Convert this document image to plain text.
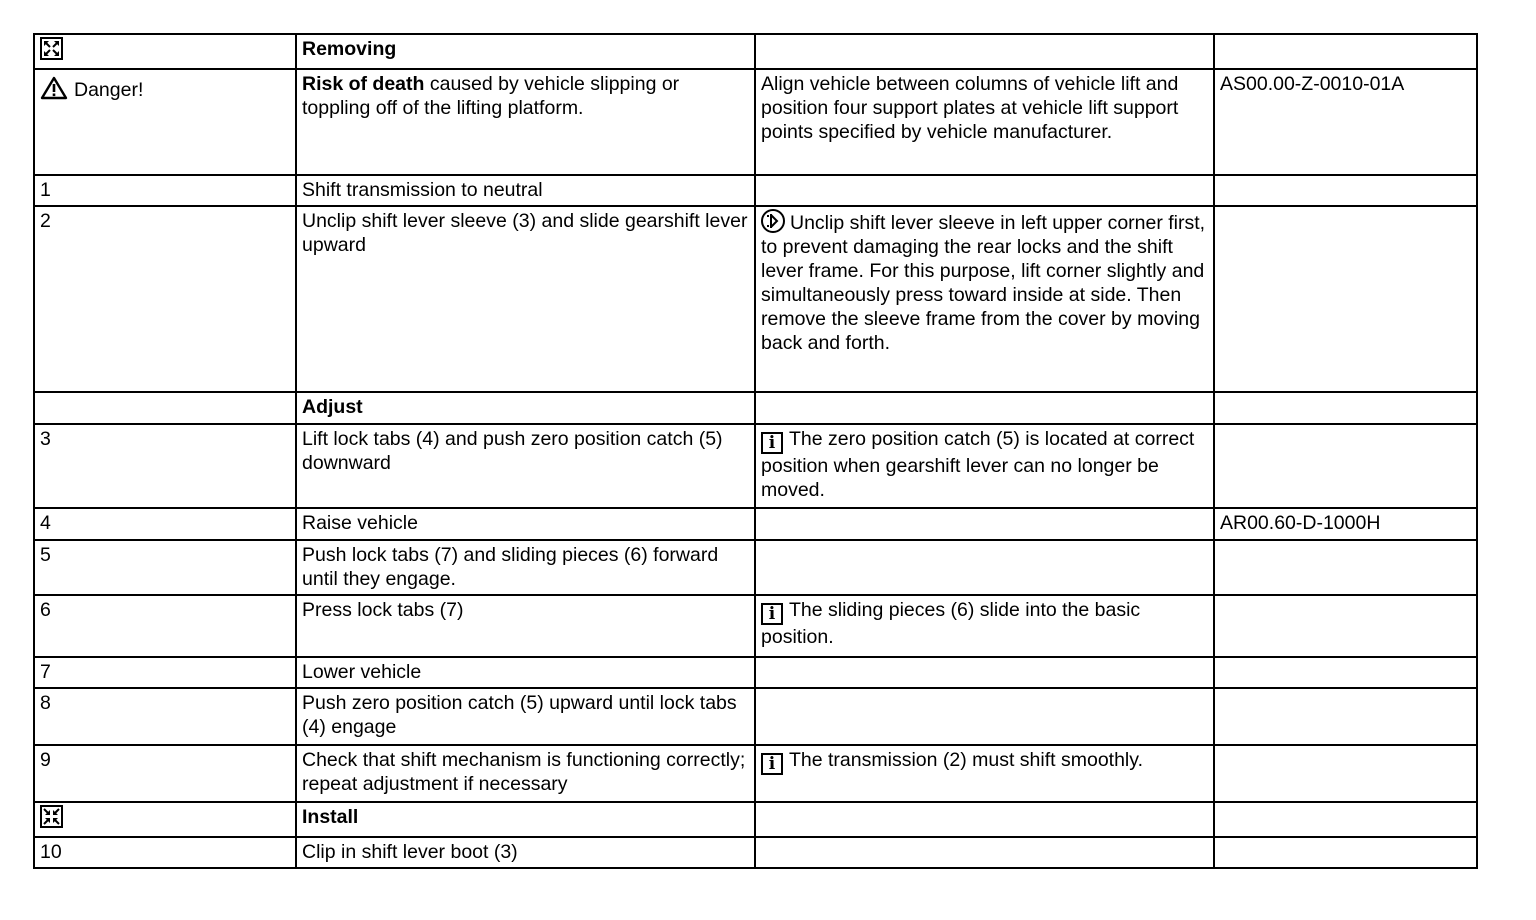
	Removing		
Danger!	Risk of death caused by vehicle slipping or toppling off of the lifting platform.	Align vehicle between columns of vehicle lift and position four support plates at vehicle lift support points specified by vehicle manufacturer.	AS00.00-Z-0010-01A
1	Shift transmission to neutral		
2	Unclip shift lever sleeve (3) and slide gearshift lever upward	Unclip shift lever sleeve in left upper corner first, to prevent damaging the rear locks and the shift lever frame. For this purpose, lift corner slightly and simultaneously press toward inside at side. Then remove the sleeve frame from the cover by moving back and forth.	
	Adjust		
3	Lift lock tabs (4) and push zero position catch (5) downward	i The zero position catch (5) is located at correct position when gearshift lever can no longer be moved.	
4	Raise vehicle		AR00.60-D-1000H
5	Push lock tabs (7) and sliding pieces (6) forward until they engage.		
6	Press lock tabs (7)	i The sliding pieces (6) slide into the basic position.	
7	Lower vehicle		
8	Push zero position catch (5) upward until lock tabs (4) engage		
9	Check that shift mechanism is functioning correctly; repeat adjustment if necessary	i The transmission (2) must shift smoothly.	

	Install		
10	Clip in shift lever boot (3)		
